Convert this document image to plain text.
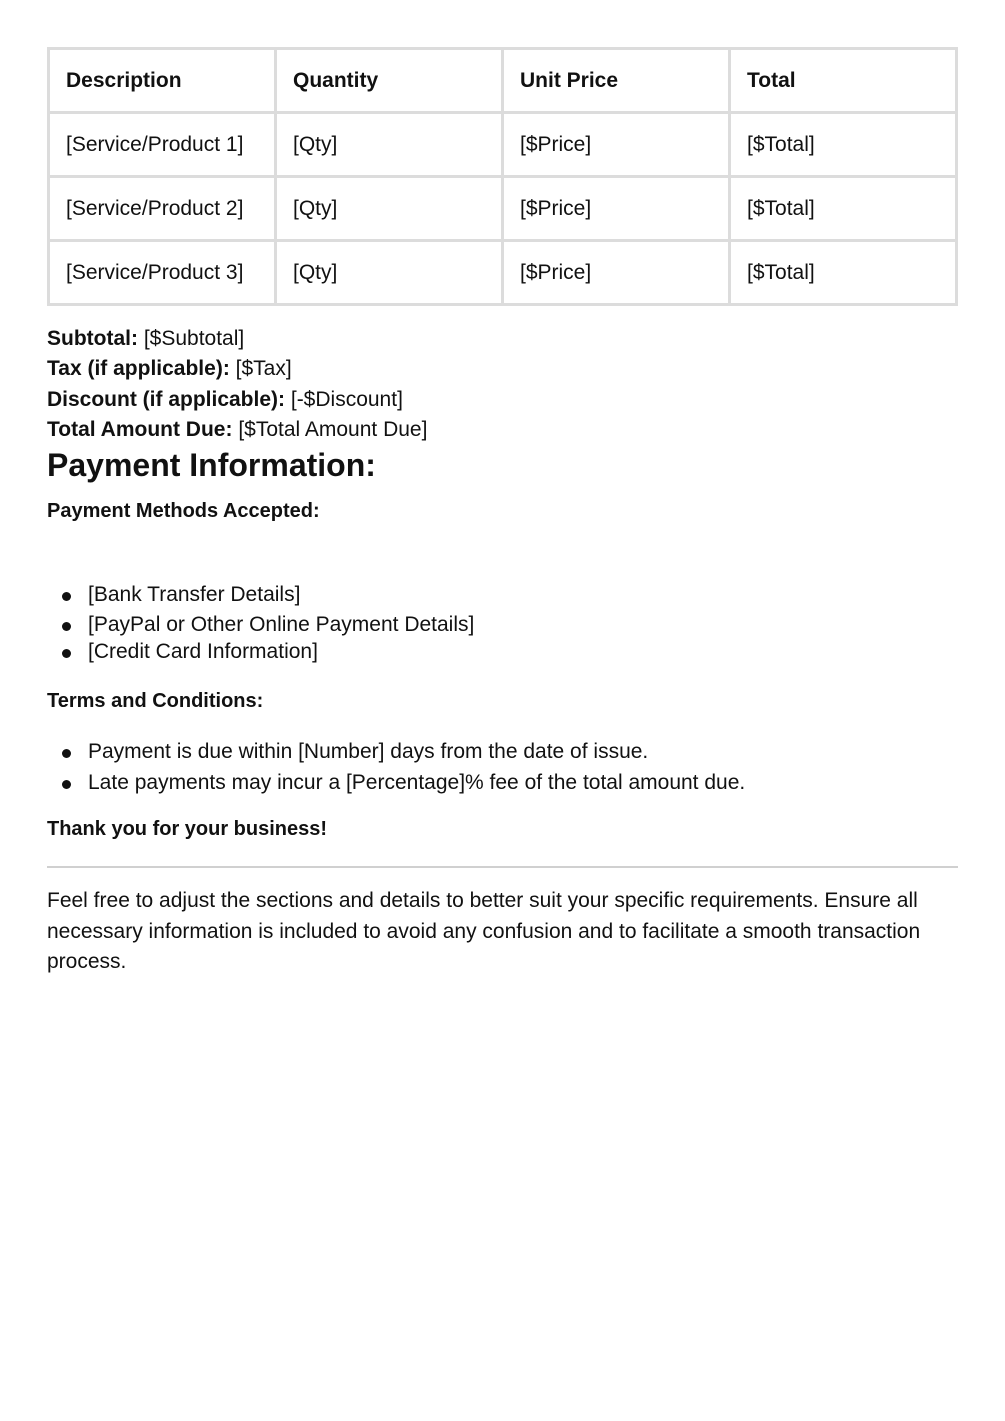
Description	Quantity	Unit Price	Total
[Service/Product 1]	[Qty]	[$Price]	[$Total]
[Service/Product 2]	[Qty]	[$Price]	[$Total]
[Service/Product 3]	[Qty]	[$Price]	[$Total]
Subtotal: [$Subtotal]
Tax (if applicable): [$Tax]
Discount (if applicable): [-$Discount]
Total Amount Due: [$Total Amount Due]
Payment Information:
Payment Methods Accepted:
[Bank Transfer Details]
[PayPal or Other Online Payment Details]
[Credit Card Information]
Terms and Conditions:
Payment is due within [Number] days from the date of issue.
Late payments may incur a [Percentage]% fee of the total amount due.
Thank you for your business!
Feel free to adjust the sections and details to better suit your specific requirements. Ensure all necessary information is included to avoid any confusion and to facilitate a smooth transaction process.
